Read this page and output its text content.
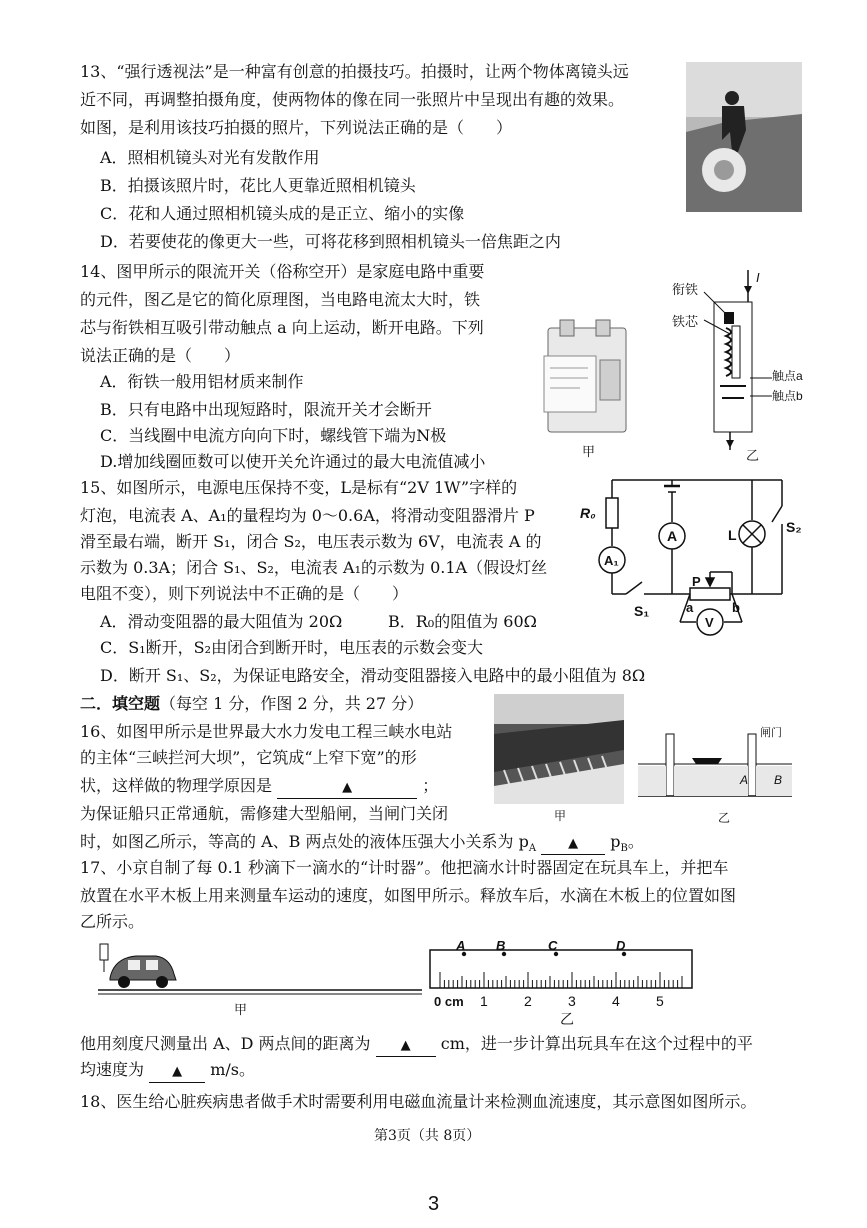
13、“强行透视法”是一种富有创意的拍摄技巧。拍摄时，让两个物体离镜头远
近不同，再调整拍摄角度，使两物体的像在同一张照片中呈现出有趣的效果。
如图，是利用该技巧拍摄的照片，下列说法正确的是（　　）
A．照相机镜头对光有发散作用
B．拍摄该照片时，花比人更靠近照相机镜头
C．花和人通过照相机镜头成的是正立、缩小的实像
D．若要使花的像更大一些，可将花移到照相机镜头一倍焦距之内
14、图甲所示的限流开关（俗称空开）是家庭电路中重要
的元件，图乙是它的简化原理图，当电路电流太大时，铁
芯与衔铁相互吸引带动触点 a 向上运动，断开电路。下列
说法正确的是（　　）
A．衔铁一般用铝材质来制作
B．只有电路中出现短路时，限流开关才会断开
C．当线圈中电流方向向下时，螺线管下端为N极
D.增加线圈匝数可以使开关允许通过的最大电流值减小
甲
I
衔铁
铁芯
触点a
触点b
乙
15、如图所示，电源电压保持不变，L是标有“2V 1W”字样的
灯泡，电流表 A、A₁的量程均为 0～0.6A，将滑动变阻器滑片 P
滑至最右端，断开 S₁，闭合 S₂，电压表示数为 6V，电流表 A 的
示数为 0.3A；闭合 S₁、S₂，电流表 A₁的示数为 0.1A（假设灯丝
电阻不变），则下列说法中不正确的是（　　）
A．滑动变阻器的最大阻值为 20Ω	B．R₀的阻值为 60Ω
C．S₁断开，S₂由闭合到断开时，电压表的示数会变大
D．断开 S₁、S₂，为保证电路安全，滑动变阻器接入电路中的最小阻值为 8Ω
R₀
A₁
A	L	S₂
S₁
P
a	b
V
二．填空题（每空 1 分，作图 2 分，共 27 分）
16、如图甲所示是世界最大水力发电工程三峡水电站
的主体“三峡拦河大坝”，它筑成“上窄下宽”的形
状，这样做的物理学原因是	▲	；
为保证船只正常通航，需修建大型船闸，当闸门关闭
时，如图乙所示，等高的 A、B 两点处的液体压强大小关系为 $p_A$ ▲ $p_B$。
甲
闸门
A B
乙
17、小京自制了每 0.1 秒滴下一滴水的“计时器”。他把滴水计时器固定在玩具车上，并把车
放置在水平木板上用来测量车运动的速度，如图甲所示。释放车后，水滴在木板上的位置如图
乙所示。
甲
0 cm 1	2	3	4	5
A B	C	D
乙
他用刻度尺测量出 A、D 两点间的距离为 ▲ cm，进一步计算出玩具车在这个过程中的平
均速度为 ▲ m/s。
18、医生给心脏疾病患者做手术时需要利用电磁血流量计来检测血流速度，其示意图如图所示。
第3页（共 8页）
3
